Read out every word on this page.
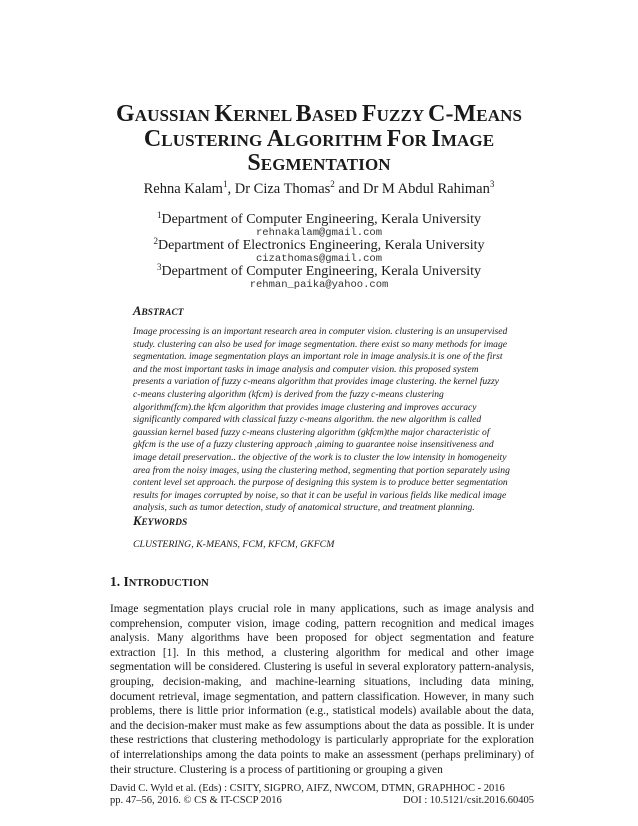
GAUSSIAN KERNEL BASED FUZZY C-MEANS
CLUSTERING ALGORITHM FOR IMAGE
SEGMENTATION
Rehna Kalam$^1$, Dr Ciza Thomas$^2$ and Dr M Abdul Rahiman$^3$
$^1$Department of Computer Engineering, Kerala University
rehnakalam@gmail.com
$^2$Department of Electronics Engineering, Kerala University
cizathomas@gmail.com
$^3$Department of Computer Engineering, Kerala University
rehman_paika@yahoo.com
ABSTRACT

Image processing is an important research area in computer vision. clustering is an unsupervised
study. clustering can also be used for image segmentation. there exist so many methods for image
segmentation. image segmentation plays an important role in image analysis.it is one of the first
and the most important tasks in image analysis and computer vision. this proposed system
presents a variation of fuzzy c-means algorithm that provides image clustering. the kernel fuzzy
c-means clustering algorithm (kfcm) is derived from the fuzzy c-means clustering
algorithm(fcm).the kfcm algorithm that provides image clustering and improves accuracy
significantly compared with classical fuzzy c-means algorithm. the new algorithm is called
gaussian kernel based fuzzy c-means clustering algorithm (gkfcm)the major characteristic of
gkfcm is the use of a fuzzy clustering approach ,aiming to guarantee noise insensitiveness and
image detail preservation.. the objective of the work is to cluster the low intensity in homogeneity
area from the noisy images, using the clustering method, segmenting that portion separately using
content level set approach. the purpose of designing this system is to produce better segmentation
results for images corrupted by noise, so that it can be useful in various fields like medical image
analysis, such as tumor detection, study of anatomical structure, and treatment planning.

KEYWORDS

CLUSTERING, K-MEANS, FCM, KFCM, GKFCM

1. INTRODUCTION

Image segmentation plays crucial role in many applications, such as image analysis and comprehension, computer vision, image coding, pattern recognition and medical images analysis. Many algorithms have been proposed for object segmentation and feature extraction [1]. In this method, a clustering algorithm for medical and other image segmentation will be considered. Clustering is useful in several exploratory pattern-analysis, grouping, decision-making, and machine-learning situations, including data mining, document retrieval, image segmentation, and pattern classification. However, in many such problems, there is little prior information (e.g., statistical models) available about the data, and the decision-maker must make as few assumptions about the data as possible. It is under these restrictions that clustering methodology is particularly appropriate for the exploration of interrelationships among the data points to make an assessment (perhaps preliminary) of their structure. Clustering is a process of partitioning or grouping a given

David C. Wyld et al. (Eds) : CSITY, SIGPRO, AIFZ, NWCOM, DTMN, GRAPHHOC - 2016
pp. 47–56, 2016. © CS & IT-CSCP 2016	DOI : 10.5121/csit.2016.60405
